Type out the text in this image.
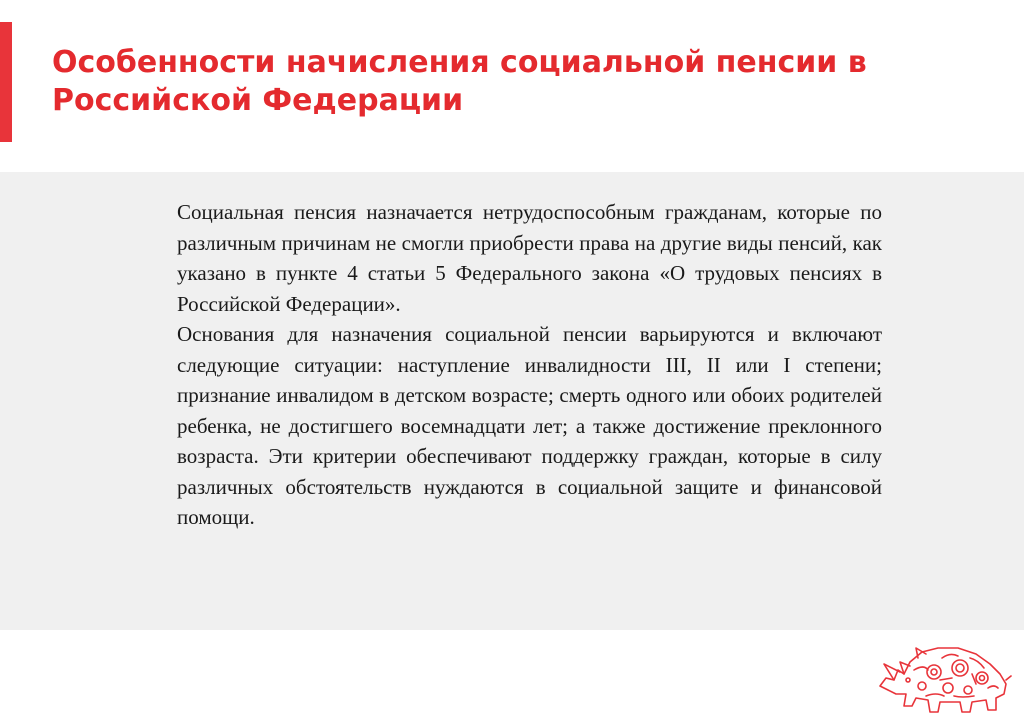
Особенности начисления социальной пенсии в Российской Федерации

Социальная пенсия назначается нетрудоспособным гражданам, которые по различным причинам не смогли приобрести права на другие виды пенсий, как указано в пункте 4 статьи 5 Федерального закона «О трудовых пенсиях в Российской Федерации».

Основания для назначения социальной пенсии варьируются и включают следующие ситуации: наступление инвалидности III, II или I степени; признание инвалидом в детском возрасте; смерть одного или обоих родителей ребенка, не достигшего восемнадцати лет; а также достижение преклонного возраста. Эти критерии обеспечивают поддержку граждан, которые в силу различных обстоятельств нуждаются в социальной защите и финансовой помощи.
